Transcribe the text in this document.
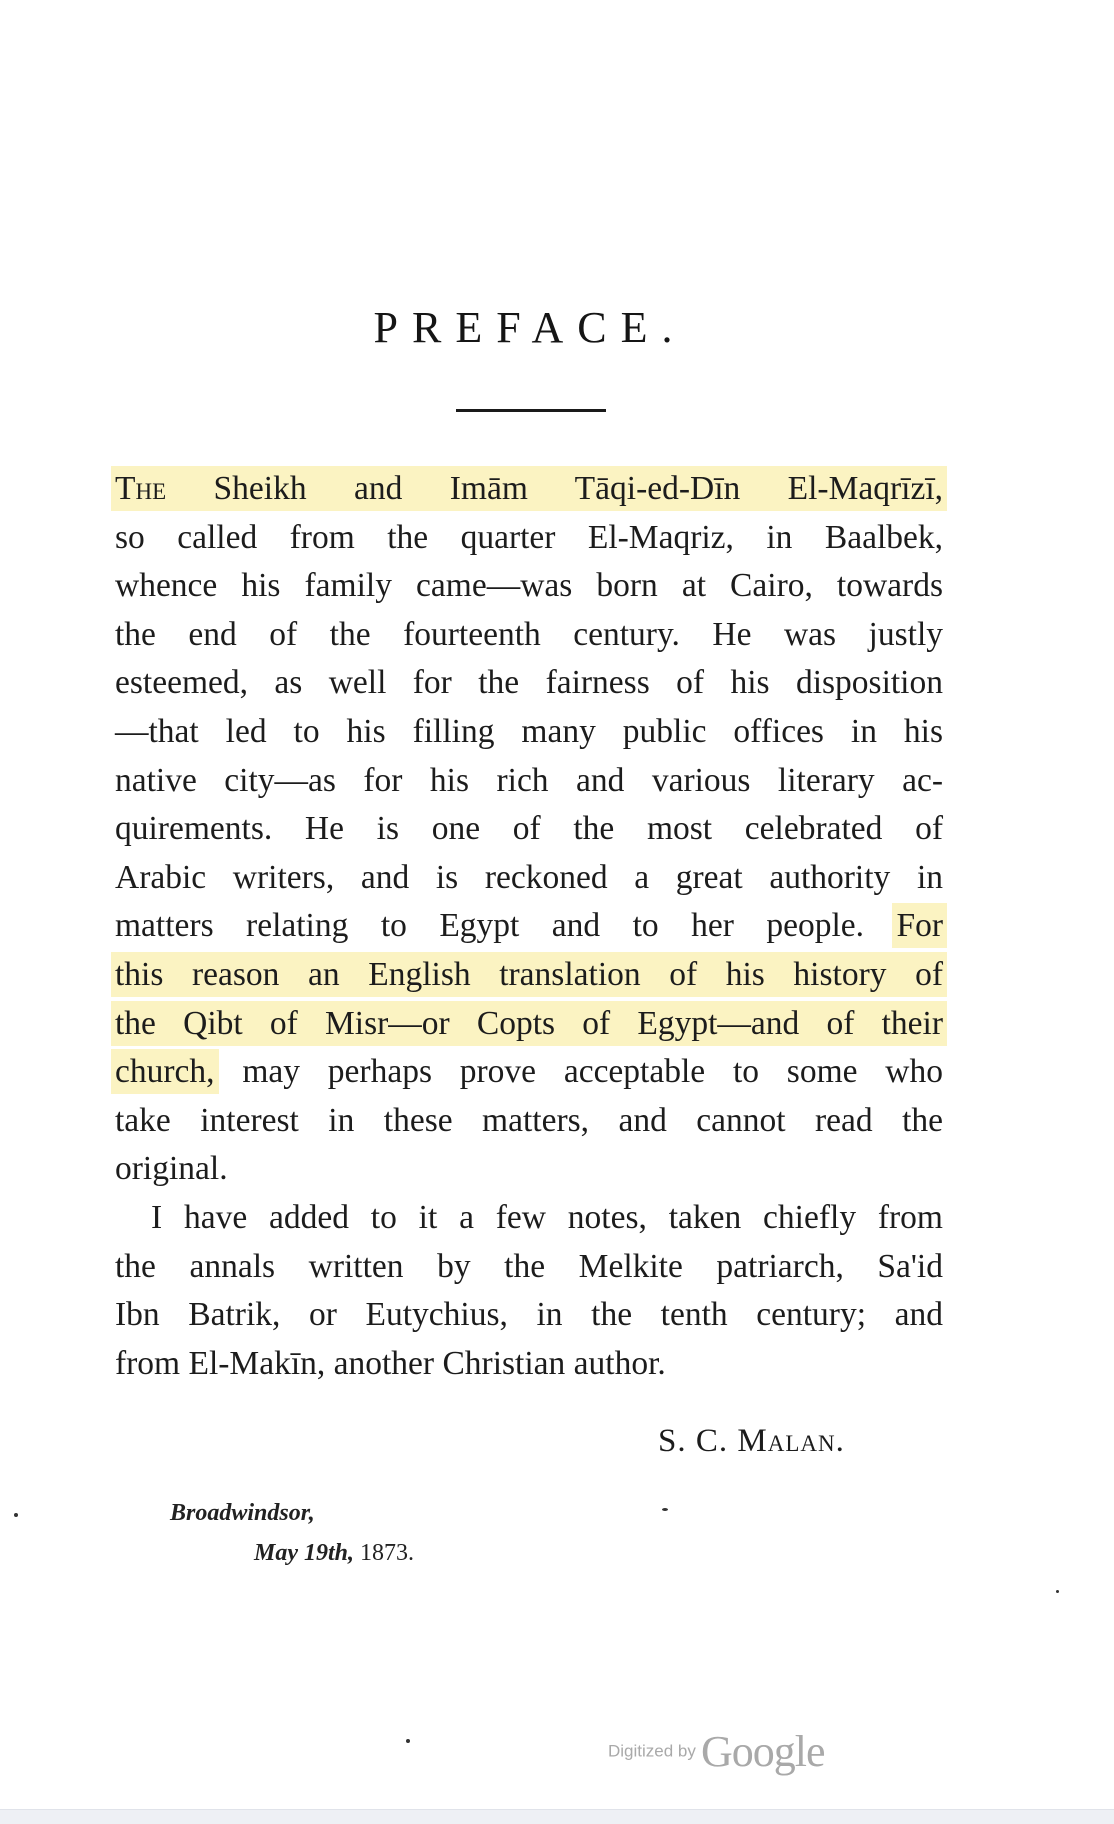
PREFACE.
The Sheikh and Imām Tāqi-ed-Dīn El-Maqrīzī,
so called from the quarter El-Maqriz, in Baalbek,
whence his family came—was born at Cairo, towards
the end of the fourteenth century. He was justly
esteemed, as well for the fairness of his disposition
—that led to his filling many public offices in his
native city—as for his rich and various literary ac-
quirements. He is one of the most celebrated of
Arabic writers, and is reckoned a great authority in
matters relating to Egypt and to her people. For
this reason an English translation of his history of
the Qibt of Misr—or Copts of Egypt—and of their
church, may perhaps prove acceptable to some who
take interest in these matters, and cannot read the
original.
I have added to it a few notes, taken chiefly from
the annals written by the Melkite patriarch, Sa'id
Ibn Batrik, or Eutychius, in the tenth century; and
from El-Makīn, another Christian author.
S. C. Malan.
Broadwindsor,
May 19th, 1873.
Digitized by Google
